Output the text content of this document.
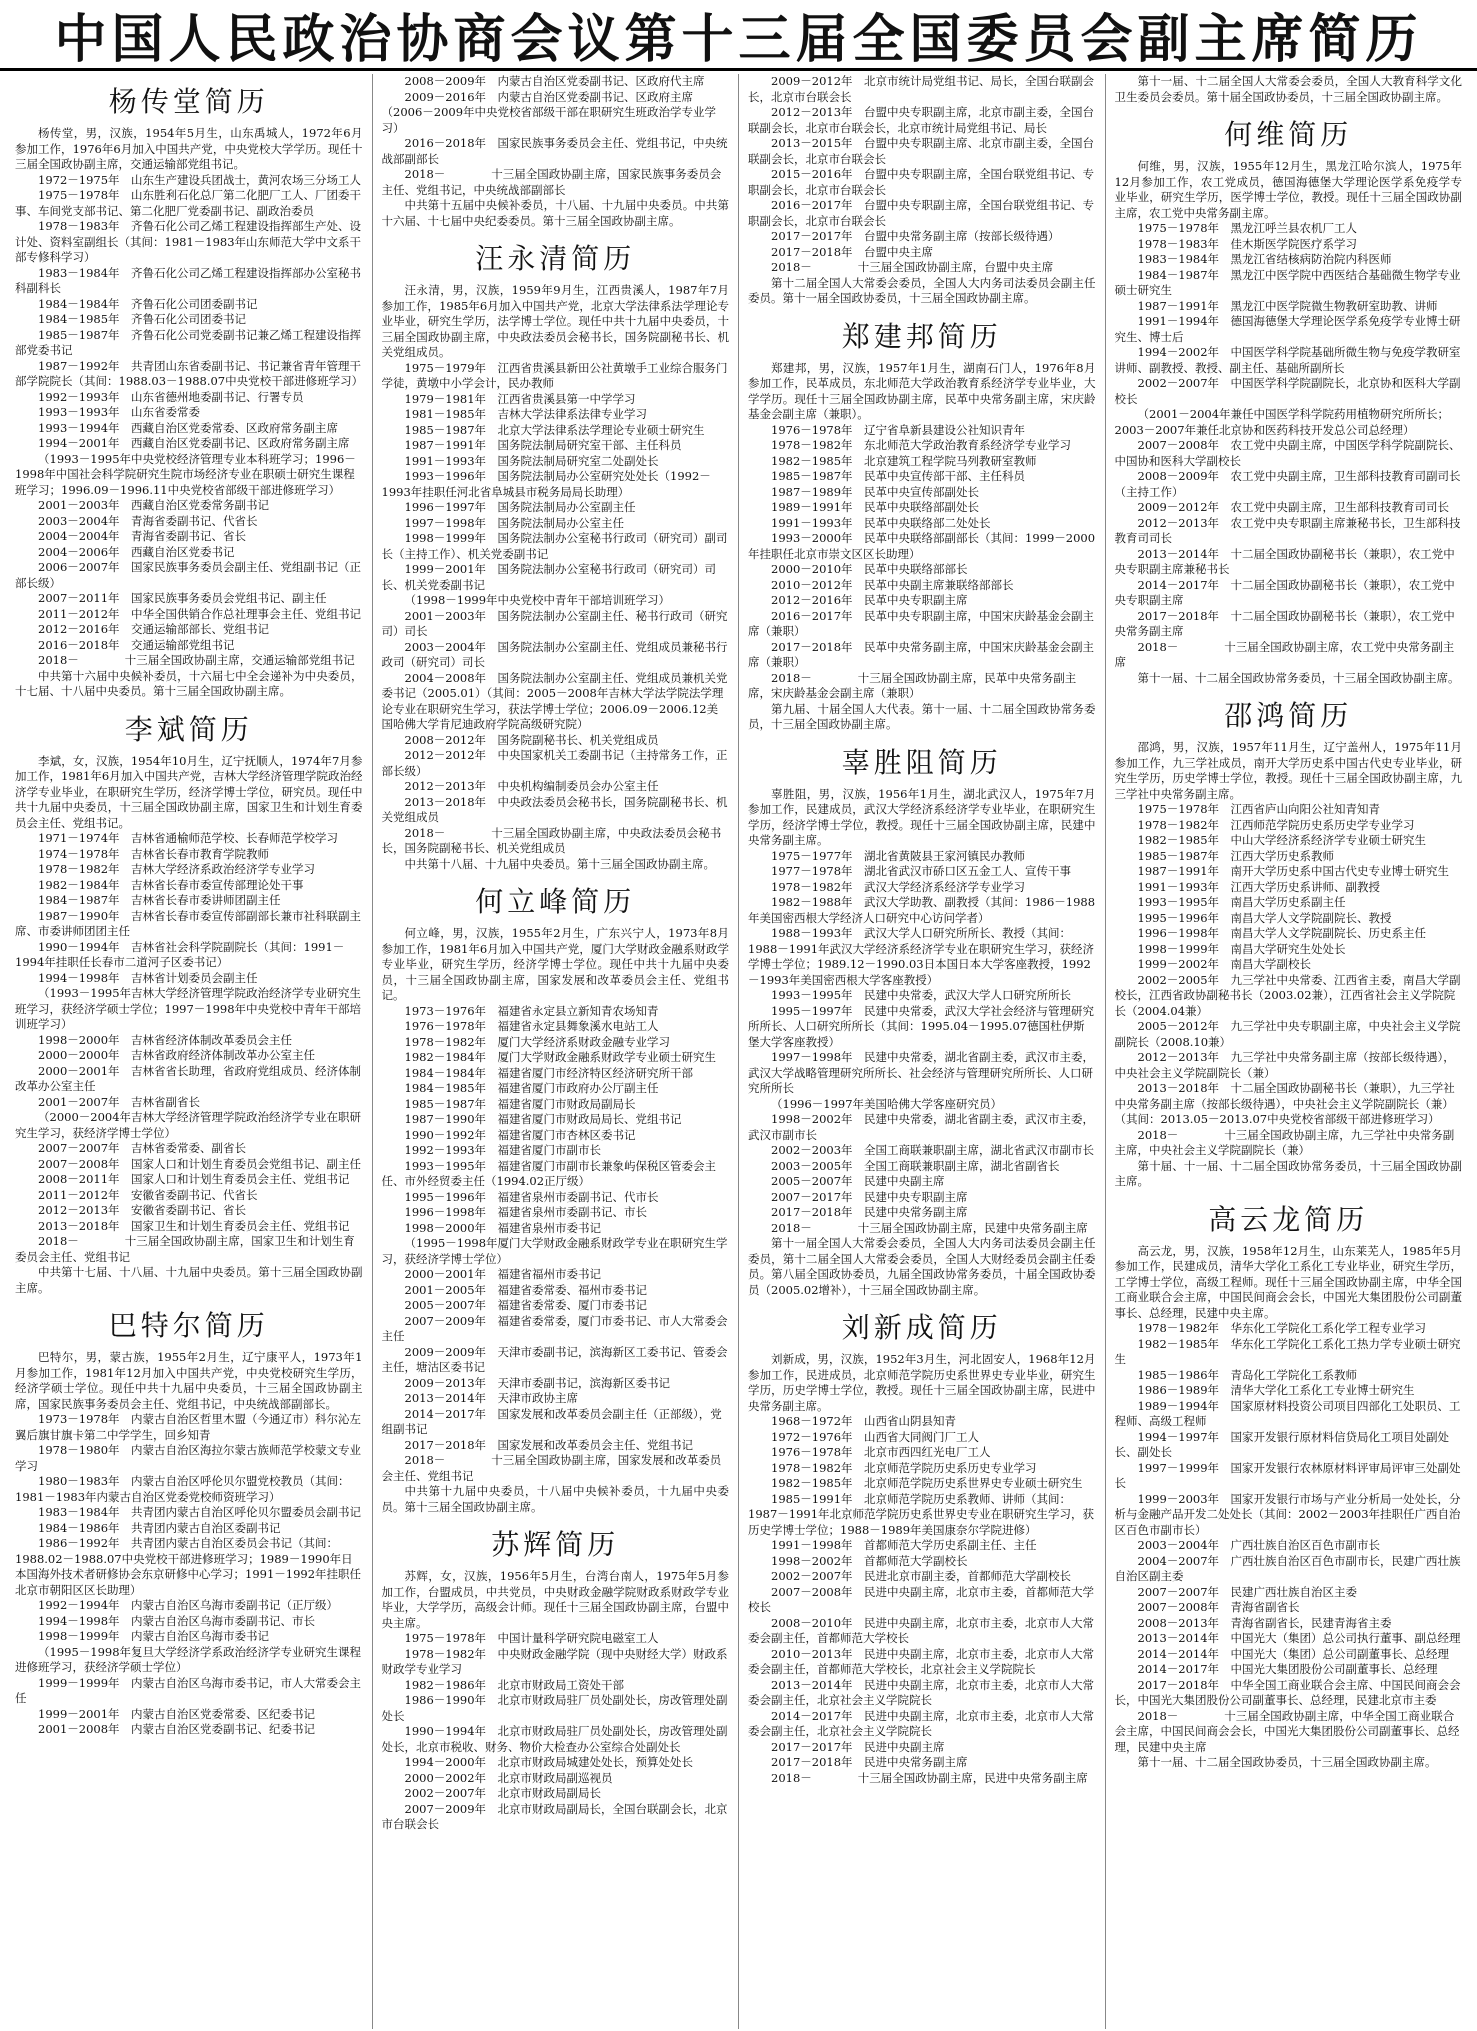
中国人民政治协商会议第十三届全国委员会副主席简历
杨传堂简历

杨传堂，男，汉族，1954年5月生，山东禹城人，1972年6月参加工作，1976年6月加入中国共产党，中央党校大学学历。现任十三届全国政协副主席，交通运输部党组书记。

1972－1975年　山东生产建设兵团战士，黄河农场三分场工人
1975－1978年　山东胜利石化总厂第二化肥厂工人、厂团委干事、车间党支部书记、第二化肥厂党委副书记、副政治委员
1978－1983年　齐鲁石化公司乙烯工程建设指挥部生产处、设计处、资料室副组长（其间：1981－1983年山东师范大学中文系干部专修科学习）
1983－1984年　齐鲁石化公司乙烯工程建设指挥部办公室秘书科副科长
1984－1984年　齐鲁石化公司团委副书记
1984－1985年　齐鲁石化公司团委书记
1985－1987年　齐鲁石化公司党委副书记兼乙烯工程建设指挥部党委书记
1987－1992年　共青团山东省委副书记、书记兼省青年管理干部学院院长（其间：1988.03－1988.07中央党校干部进修班学习）
1992－1993年　山东省德州地委副书记、行署专员
1993－1993年　山东省委常委
1993－1994年　西藏自治区党委常委、区政府常务副主席
1994－2001年　西藏自治区党委副书记、区政府常务副主席
（1993－1995年中央党校经济管理专业本科班学习；1996－1998年中国社会科学院研究生院市场经济专业在职硕士研究生课程班学习；1996.09－1996.11中央党校省部级干部进修班学习）
2001－2003年　西藏自治区党委常务副书记
2003－2004年　青海省委副书记、代省长
2004－2004年　青海省委副书记、省长
2004－2006年　西藏自治区党委书记
2006－2007年　国家民族事务委员会副主任、党组副书记（正部长级）
2007－2011年　国家民族事务委员会党组书记、副主任
2011－2012年　中华全国供销合作总社理事会主任、党组书记
2012－2016年　交通运输部部长、党组书记
2016－2018年　交通运输部党组书记
2018－　　　　十三届全国政协副主席，交通运输部党组书记

中共第十六届中央候补委员，十六届七中全会递补为中央委员，十七届、十八届中央委员。第十三届全国政协副主席。

李斌简历

李斌，女，汉族，1954年10月生，辽宁抚顺人，1974年7月参加工作，1981年6月加入中国共产党，吉林大学经济管理学院政治经济学专业毕业，在职研究生学历，经济学博士学位，研究员。现任中共十九届中央委员，十三届全国政协副主席，国家卫生和计划生育委员会主任、党组书记。

1971－1974年　吉林省通榆师范学校、长春师范学校学习
1974－1978年　吉林省长春市教育学院教师
1978－1982年　吉林大学经济系政治经济学专业学习
1982－1984年　吉林省长春市委宣传部理论处干事
1984－1987年　吉林省长春市委讲师团副主任
1987－1990年　吉林省长春市委宣传部副部长兼市社科联副主席、市委讲师团团主任
1990－1994年　吉林省社会科学院副院长（其间：1991－1994年挂职任长春市二道河子区委书记）
1994－1998年　吉林省计划委员会副主任
（1993－1995年吉林大学经济管理学院政治经济学专业研究生班学习，获经济学硕士学位；1997－1998年中央党校中青年干部培训班学习）
1998－2000年　吉林省经济体制改革委员会主任
2000－2000年　吉林省政府经济体制改革办公室主任
2000－2001年　吉林省省长助理，省政府党组成员、经济体制改革办公室主任
2001－2007年　吉林省副省长
（2000－2004年吉林大学经济管理学院政治经济学专业在职研究生学习，获经济学博士学位）
2007－2007年　吉林省委常委、副省长
2007－2008年　国家人口和计划生育委员会党组书记、副主任
2008－2011年　国家人口和计划生育委员会主任、党组书记
2011－2012年　安徽省委副书记、代省长
2012－2013年　安徽省委副书记、省长
2013－2018年　国家卫生和计划生育委员会主任、党组书记
2018－　　　　十三届全国政协副主席，国家卫生和计划生育委员会主任、党组书记

中共第十七届、十八届、十九届中央委员。第十三届全国政协副主席。

巴特尔简历

巴特尔，男，蒙古族，1955年2月生，辽宁康平人，1973年1月参加工作，1981年12月加入中国共产党，中央党校研究生学历，经济学硕士学位。现任中共十九届中央委员，十三届全国政协副主席，国家民族事务委员会主任、党组书记，中央统战部副部长。

1973－1978年　内蒙古自治区哲里木盟（今通辽市）科尔沁左翼后旗甘旗卡第二中学学生，回乡知青
1978－1980年　内蒙古自治区海拉尔蒙古族师范学校蒙文专业学习
1980－1983年　内蒙古自治区呼伦贝尔盟党校教员（其间：1981－1983年内蒙古自治区党委党校师资班学习）
1983－1984年　共青团内蒙古自治区呼伦贝尔盟委员会副书记
1984－1986年　共青团内蒙古自治区委副书记
1986－1992年　共青团内蒙古自治区委员会书记（其间：1988.02－1988.07中央党校干部进修班学习；1989－1990年日本国海外技术者研修协会东京研修中心学习；1991－1992年挂职任北京市朝阳区区长助理）
1992－1994年　内蒙古自治区乌海市委副书记（正厅级）
1994－1998年　内蒙古自治区乌海市委副书记、市长
1998－1999年　内蒙古自治区乌海市委书记
（1995－1998年复旦大学经济学系政治经济学专业研究生课程进修班学习，获经济学硕士学位）
1999－1999年　内蒙古自治区乌海市委书记，市人大常委会主任
1999－2001年　内蒙古自治区党委常委、区纪委书记
2001－2008年　内蒙古自治区党委副书记、纪委书记
2008－2009年　内蒙古自治区党委副书记、区政府代主席
2009－2016年　内蒙古自治区党委副书记、区政府主席（2006－2009年中央党校省部级干部在职研究生班政治学专业学习）
2016－2018年　国家民族事务委员会主任、党组书记，中央统战部副部长
2018－　　　　十三届全国政协副主席，国家民族事务委员会主任、党组书记，中央统战部副部长

中共第十五届中央候补委员，十八届、十九届中央委员。中共第十六届、十七届中央纪委委员。第十三届全国政协副主席。

汪永清简历

汪永清，男，汉族，1959年9月生，江西贵溪人，1987年7月参加工作，1985年6月加入中国共产党，北京大学法律系法学理论专业毕业，研究生学历，法学博士学位。现任中共十九届中央委员，十三届全国政协副主席，中央政法委员会秘书长，国务院副秘书长、机关党组成员。

1975－1979年　江西省贵溪县新田公社黄墩手工业综合服务门学徒，黄墩中小学会计，民办教师
1979－1981年　江西省贵溪县第一中学学习
1981－1985年　吉林大学法律系法律专业学习
1985－1987年　北京大学法律系法学理论专业硕士研究生
1987－1991年　国务院法制局研究室干部、主任科员
1991－1993年　国务院法制局研究室二处副处长
1993－1996年　国务院法制局办公室研究处处长（1992－1993年挂职任河北省阜城县市税务局局长助理）
1996－1997年　国务院法制局办公室副主任
1997－1998年　国务院法制局办公室主任
1998－1999年　国务院法制办公室秘书行政司（研究司）副司长（主持工作）、机关党委副书记
1999－2001年　国务院法制办公室秘书行政司（研究司）司长、机关党委副书记
（1998－1999年中央党校中青年干部培训班学习）
2001－2003年　国务院法制办公室副主任、秘书行政司（研究司）司长
2003－2004年　国务院法制办公室副主任、党组成员兼秘书行政司（研究司）司长
2004－2008年　国务院法制办公室副主任、党组成员兼机关党委书记（2005.01）（其间：2005－2008年吉林大学法学院法学理论专业在职研究生学习，获法学博士学位；2006.09－2006.12美国哈佛大学肯尼迪政府学院高级研究院）
2008－2012年　国务院副秘书长、机关党组成员
2012－2012年　中央国家机关工委副书记（主持常务工作，正部长级）
2012－2013年　中央机构编制委员会办公室主任
2013－2018年　中央政法委员会秘书长，国务院副秘书长、机关党组成员
2018－　　　　十三届全国政协副主席，中央政法委员会秘书长，国务院副秘书长、机关党组成员

中共第十八届、十九届中央委员。第十三届全国政协副主席。

何立峰简历

何立峰，男，汉族，1955年2月生，广东兴宁人，1973年8月参加工作，1981年6月加入中国共产党，厦门大学财政金融系财政学专业毕业，研究生学历，经济学博士学位。现任中共十九届中央委员，十三届全国政协副主席，国家发展和改革委员会主任、党组书记。

1973－1976年　福建省永定县立新知青农场知青
1976－1978年　福建省永定县舞象溪水电站工人
1978－1982年　厦门大学经济系财政金融专业学习
1982－1984年　厦门大学财政金融系财政学专业硕士研究生
1984－1984年　福建省厦门市经济特区经济研究所干部
1984－1985年　福建省厦门市政府办公厅副主任
1985－1987年　福建省厦门市财政局副局长
1987－1990年　福建省厦门市财政局局长、党组书记
1990－1992年　福建省厦门市杏林区委书记
1992－1993年　福建省厦门市副市长
1993－1995年　福建省厦门市副市长兼象屿保税区管委会主任、市外经贸委主任（1994.02正厅级）
1995－1996年　福建省泉州市委副书记、代市长
1996－1998年　福建省泉州市委副书记、市长
1998－2000年　福建省泉州市委书记
（1995－1998年厦门大学财政金融系财政学专业在职研究生学习，获经济学博士学位）
2000－2001年　福建省福州市委书记
2001－2005年　福建省委常委、福州市委书记
2005－2007年　福建省委常委、厦门市委书记
2007－2009年　福建省委常委，厦门市委书记、市人大常委会主任
2009－2009年　天津市委副书记，滨海新区工委书记、管委会主任，塘沽区委书记
2009－2013年　天津市委副书记，滨海新区委书记
2013－2014年　天津市政协主席
2014－2017年　国家发展和改革委员会副主任（正部级），党组副书记
2017－2018年　国家发展和改革委员会主任、党组书记
2018－　　　　十三届全国政协副主席，国家发展和改革委员会主任、党组书记

中共第十九届中央委员，十八届中央候补委员，十九届中央委员。第十三届全国政协副主席。

苏辉简历

苏辉，女，汉族，1956年5月生，台湾台南人，1975年5月参加工作，台盟成员，中共党员，中央财政金融学院财政系财政学专业毕业，大学学历，高级会计师。现任十三届全国政协副主席，台盟中央主席。

1975－1978年　中国计量科学研究院电磁室工人
1978－1982年　中央财政金融学院（现中央财经大学）财政系财政学专业学习
1982－1986年　北京市财政局工资处干部
1986－1990年　北京市财政局驻厂员处副处长，房改管理处副处长
1990－1994年　北京市财政局驻厂员处副处长，房改管理处副处长，北京市税收、财务、物价大检查办公室综合处副处长
1994－2000年　北京市财政局城建处处长，预算处处长
2000－2002年　北京市财政局副巡视员
2002－2007年　北京市财政局副局长
2007－2009年　北京市财政局副局长，全国台联副会长，北京市台联会长
2009－2012年　北京市统计局党组书记、局长，全国台联副会长，北京市台联会长
2012－2013年　台盟中央专职副主席，北京市副主委，全国台联副会长，北京市台联会长，北京市统计局党组书记、局长
2013－2015年　台盟中央专职副主席、北京市副主委，全国台联副会长，北京市台联会长
2015－2016年　台盟中央专职副主席，全国台联党组书记、专职副会长，北京市台联会长
2016－2017年　台盟中央专职副主席，全国台联党组书记、专职副会长，北京市台联会长
2017－2017年　台盟中央常务副主席（按部长级待遇）
2017－2018年　台盟中央主席
2018－　　　　十三届全国政协副主席，台盟中央主席

第十二届全国人大常委会委员，全国人大内务司法委员会副主任委员。第十一届全国政协委员，十三届全国政协副主席。

郑建邦简历

郑建邦，男，汉族，1957年1月生，湖南石门人，1976年8月参加工作，民革成员，东北师范大学政治教育系经济学专业毕业，大学学历。现任十三届全国政协副主席，民革中央常务副主席，宋庆龄基金会副主席（兼职）。

1976－1978年　辽宁省阜新县建设公社知识青年
1978－1982年　东北师范大学政治教育系经济学专业学习
1982－1985年　北京建筑工程学院马列教研室教师
1985－1987年　民革中央宣传部干部、主任科员
1987－1989年　民革中央宣传部副处长
1989－1991年　民革中央联络部副处长
1991－1993年　民革中央联络部二处处长
1993－2000年　民革中央联络部副部长（其间：1999－2000年挂职任北京市崇文区区长助理）
2000－2010年　民革中央联络部部长
2010－2012年　民革中央副主席兼联络部部长
2012－2016年　民革中央专职副主席
2016－2017年　民革中央专职副主席，中国宋庆龄基金会副主席（兼职）
2017－2018年　民革中央常务副主席，中国宋庆龄基金会副主席（兼职）
2018－　　　　十三届全国政协副主席，民革中央常务副主席，宋庆龄基金会副主席（兼职）

第九届、十届全国人大代表。第十一届、十二届全国政协常务委员，十三届全国政协副主席。

辜胜阻简历

辜胜阻，男，汉族，1956年1月生，湖北武汉人，1975年7月参加工作，民建成员，武汉大学经济系经济学专业毕业，在职研究生学历，经济学博士学位，教授。现任十三届全国政协副主席，民建中央常务副主席。

1975－1977年　湖北省黄陂县王家河镇民办教师
1977－1978年　湖北省武汉市硚口区五金工人、宣传干事
1978－1982年　武汉大学经济系经济学专业学习
1982－1988年　武汉大学助教、副教授（其间：1986－1988年美国密西根大学经济人口研究中心访问学者）
1988－1993年　武汉大学人口研究所所长、教授（其间：1988－1991年武汉大学经济系经济学专业在职研究生学习，获经济学博士学位；1989.12－1990.03日本国日本大学客座教授，1992－1993年美国密西根大学客座教授）
1993－1995年　民建中央常委，武汉大学人口研究所所长
1995－1997年　民建中央常委，武汉大学社会经济与管理研究所所长、人口研究所所长（其间：1995.04－1995.07德国杜伊斯堡大学客座教授）
1997－1998年　民建中央常委，湖北省副主委，武汉市主委，武汉大学战略管理研究所所长、社会经济与管理研究所所长、人口研究所所长
（1996－1997年美国哈佛大学客座研究员）
1998－2002年　民建中央常委，湖北省副主委，武汉市主委，武汉市副市长
2002－2003年　全国工商联兼职副主席，湖北省武汉市副市长
2003－2005年　全国工商联兼职副主席，湖北省副省长
2005－2007年　民建中央副主席
2007－2017年　民建中央专职副主席
2017－2018年　民建中央常务副主席
2018－　　　　十三届全国政协副主席，民建中央常务副主席

第十一届全国人大常委会委员，全国人大内务司法委员会副主任委员，第十二届全国人大常委会委员，全国人大财经委员会副主任委员。第八届全国政协委员，九届全国政协常务委员，十届全国政协委员（2005.02增补），十三届全国政协副主席。

刘新成简历

刘新成，男，汉族，1952年3月生，河北固安人，1968年12月参加工作，民进成员，北京师范学院历史系世界史专业毕业，研究生学历，历史学博士学位，教授。现任十三届全国政协副主席，民进中央常务副主席。

1968－1972年　山西省山阴县知青
1972－1976年　山西省大同阀门厂工人
1976－1978年　北京市西四红光电厂工人
1978－1982年　北京师范学院历史系历史专业学习
1982－1985年　北京师范学院历史系世界史专业硕士研究生
1985－1991年　北京师范学院历史系教师、讲师（其间：1987－1991年北京师范学院历史系世界史专业在职研究生学习，获历史学博士学位；1988－1989年美国康奈尔学院进修）
1991－1998年　首都师范大学历史系副主任、主任
1998－2002年　首都师范大学副校长
2002－2007年　民进北京市副主委，首都师范大学副校长
2007－2008年　民进中央副主席，北京市主委，首都师范大学校长
2008－2010年　民进中央副主席，北京市主委，北京市人大常委会副主任，首都师范大学校长
2010－2013年　民进中央副主席，北京市主委，北京市人大常委会副主任，首都师范大学校长，北京社会主义学院院长
2013－2014年　民进中央副主席，北京市主委，北京市人大常委会副主任，北京社会主义学院院长
2014－2017年　民进中央副主席，北京市主委，北京市人大常委会副主任，北京社会主义学院院长
2017－2017年　民进中央副主席
2017－2018年　民进中央常务副主席
2018－　　　　十三届全国政协副主席，民进中央常务副主席

第十一届、十二届全国人大常委会委员，全国人大教育科学文化卫生委员会委员。第十届全国政协委员，十三届全国政协副主席。

何维简历

何维，男，汉族，1955年12月生，黑龙江哈尔滨人，1975年12月参加工作，农工党成员，德国海德堡大学理论医学系免疫学专业毕业，研究生学历，医学博士学位，教授。现任十三届全国政协副主席，农工党中央常务副主席。

1975－1978年　黑龙江呼兰县农机厂工人
1978－1983年　佳木斯医学院医疗系学习
1983－1984年　黑龙江省结核病防治院内科医师
1984－1987年　黑龙江中医学院中西医结合基础微生物学专业硕士研究生
1987－1991年　黑龙江中医学院微生物教研室助教、讲师
1991－1994年　德国海德堡大学理论医学系免疫学专业博士研究生、博士后
1994－2002年　中国医学科学院基础所微生物与免疫学教研室讲师、副教授、教授、副主任、基础所副所长
2002－2007年　中国医学科学院副院长，北京协和医科大学副校长
（2001－2004年兼任中国医学科学院药用植物研究所所长；2003－2007年兼任北京协和医药科技开发总公司总经理）
2007－2008年　农工党中央副主席，中国医学科学院副院长、中国协和医科大学副校长
2008－2009年　农工党中央副主席，卫生部科技教育司副司长（主持工作）
2009－2012年　农工党中央副主席，卫生部科技教育司司长
2012－2013年　农工党中央专职副主席兼秘书长，卫生部科技教育司司长
2013－2014年　十二届全国政协副秘书长（兼职），农工党中央专职副主席兼秘书长
2014－2017年　十二届全国政协副秘书长（兼职），农工党中央专职副主席
2017－2018年　十二届全国政协副秘书长（兼职），农工党中央常务副主席
2018－　　　　十三届全国政协副主席，农工党中央常务副主席

第十一届、十二届全国政协常务委员，十三届全国政协副主席。

邵鸿简历

邵鸿，男，汉族，1957年11月生，辽宁盖州人，1975年11月参加工作，九三学社成员，南开大学历史系中国古代史专业毕业，研究生学历，历史学博士学位，教授。现任十三届全国政协副主席，九三学社中央常务副主席。

1975－1978年　江西省庐山向阳公社知青知青
1978－1982年　江西师范学院历史系历史学专业学习
1982－1985年　中山大学经济系经济学专业硕士研究生
1985－1987年　江西大学历史系教师
1987－1991年　南开大学历史系中国古代史专业博士研究生
1991－1993年　江西大学历史系讲师、副教授
1993－1995年　南昌大学历史系副主任
1995－1996年　南昌大学人文学院副院长、教授
1996－1998年　南昌大学人文学院副院长、历史系主任
1998－1999年　南昌大学研究生处处长
1999－2002年　南昌大学副校长
2002－2005年　九三学社中央常委、江西省主委，南昌大学副校长，江西省政协副秘书长（2003.02兼），江西省社会主义学院院长（2004.04兼）
2005－2012年　九三学社中央专职副主席，中央社会主义学院副院长（2008.10兼）
2012－2013年　九三学社中央常务副主席（按部长级待遇），中央社会主义学院副院长（兼）
2013－2018年　十二届全国政协副秘书长（兼职），九三学社中央常务副主席（按部长级待遇），中央社会主义学院副院长（兼）（其间：2013.05－2013.07中央党校省部级干部进修班学习）
2018－　　　　十三届全国政协副主席，九三学社中央常务副主席，中央社会主义学院副院长（兼）

第十届、十一届、十二届全国政协常务委员，十三届全国政协副主席。

高云龙简历

高云龙，男，汉族，1958年12月生，山东莱芜人，1985年5月参加工作，民建成员，清华大学化工系化工专业毕业，研究生学历，工学博士学位，高级工程师。现任十三届全国政协副主席，中华全国工商业联合会主席，中国民间商会会长，中国光大集团股份公司副董事长、总经理，民建中央主席。

1978－1982年　华东化工学院化工系化学工程专业学习
1982－1985年　华东化工学院化工系化工热力学专业硕士研究生
1985－1986年　青岛化工学院化工系教师
1986－1989年　清华大学化工系化工专业博士研究生
1989－1994年　国家原材料投资公司项目四部化工处职员、工程师、高级工程师
1994－1997年　国家开发银行原材料信贷局化工项目处副处长、副处长
1997－1999年　国家开发银行农林原材料评审局评审三处副处长
1999－2003年　国家开发银行市场与产业分析局一处处长，分析与金融产品开发二处处长（其间：2002－2003年挂职任广西自治区百色市副市长）
2003－2004年　广西壮族自治区百色市副市长
2004－2007年　广西壮族自治区百色市副市长，民建广西壮族自治区副主委
2007－2007年　民建广西壮族自治区主委
2007－2008年　青海省副省长
2008－2013年　青海省副省长，民建青海省主委
2013－2014年　中国光大（集团）总公司执行董事、副总经理
2014－2014年　中国光大（集团）总公司副董事长、总经理
2014－2017年　中国光大集团股份公司副董事长、总经理
2017－2018年　中华全国工商业联合会主席、中国民间商会会长，中国光大集团股份公司副董事长、总经理，民建北京市主委
2018－　　　　十三届全国政协副主席，中华全国工商业联合会主席，中国民间商会会长，中国光大集团股份公司副董事长、总经理，民建中央主席

第十一届、十二届全国政协委员，十三届全国政协副主席。
